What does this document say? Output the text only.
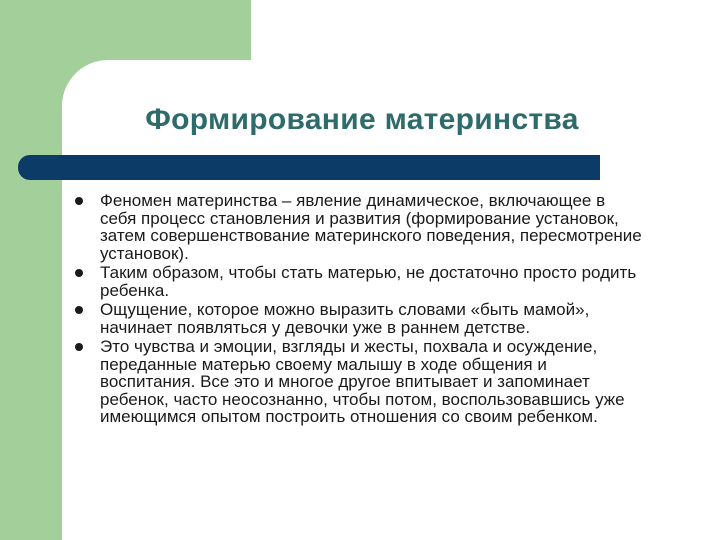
Формирование материнства
Феномен материнства – явление динамическое, включающее в себя процесс становления и развития (формирование установок, затем совершенствование материнского поведения, пересмотрение установок).
Таким образом, чтобы стать матерью, не достаточно просто родить ребенка.
Ощущение, которое можно выразить словами «быть мамой», начинает появляться у девочки уже в раннем детстве.
Это чувства и эмоции, взгляды и жесты, похвала и осуждение, переданные матерью своему малышу в ходе общения и воспитания. Все это и многое другое впитывает и запоминает ребенок, часто неосознанно, чтобы потом, воспользовавшись уже имеющимся опытом построить отношения со своим ребенком.
